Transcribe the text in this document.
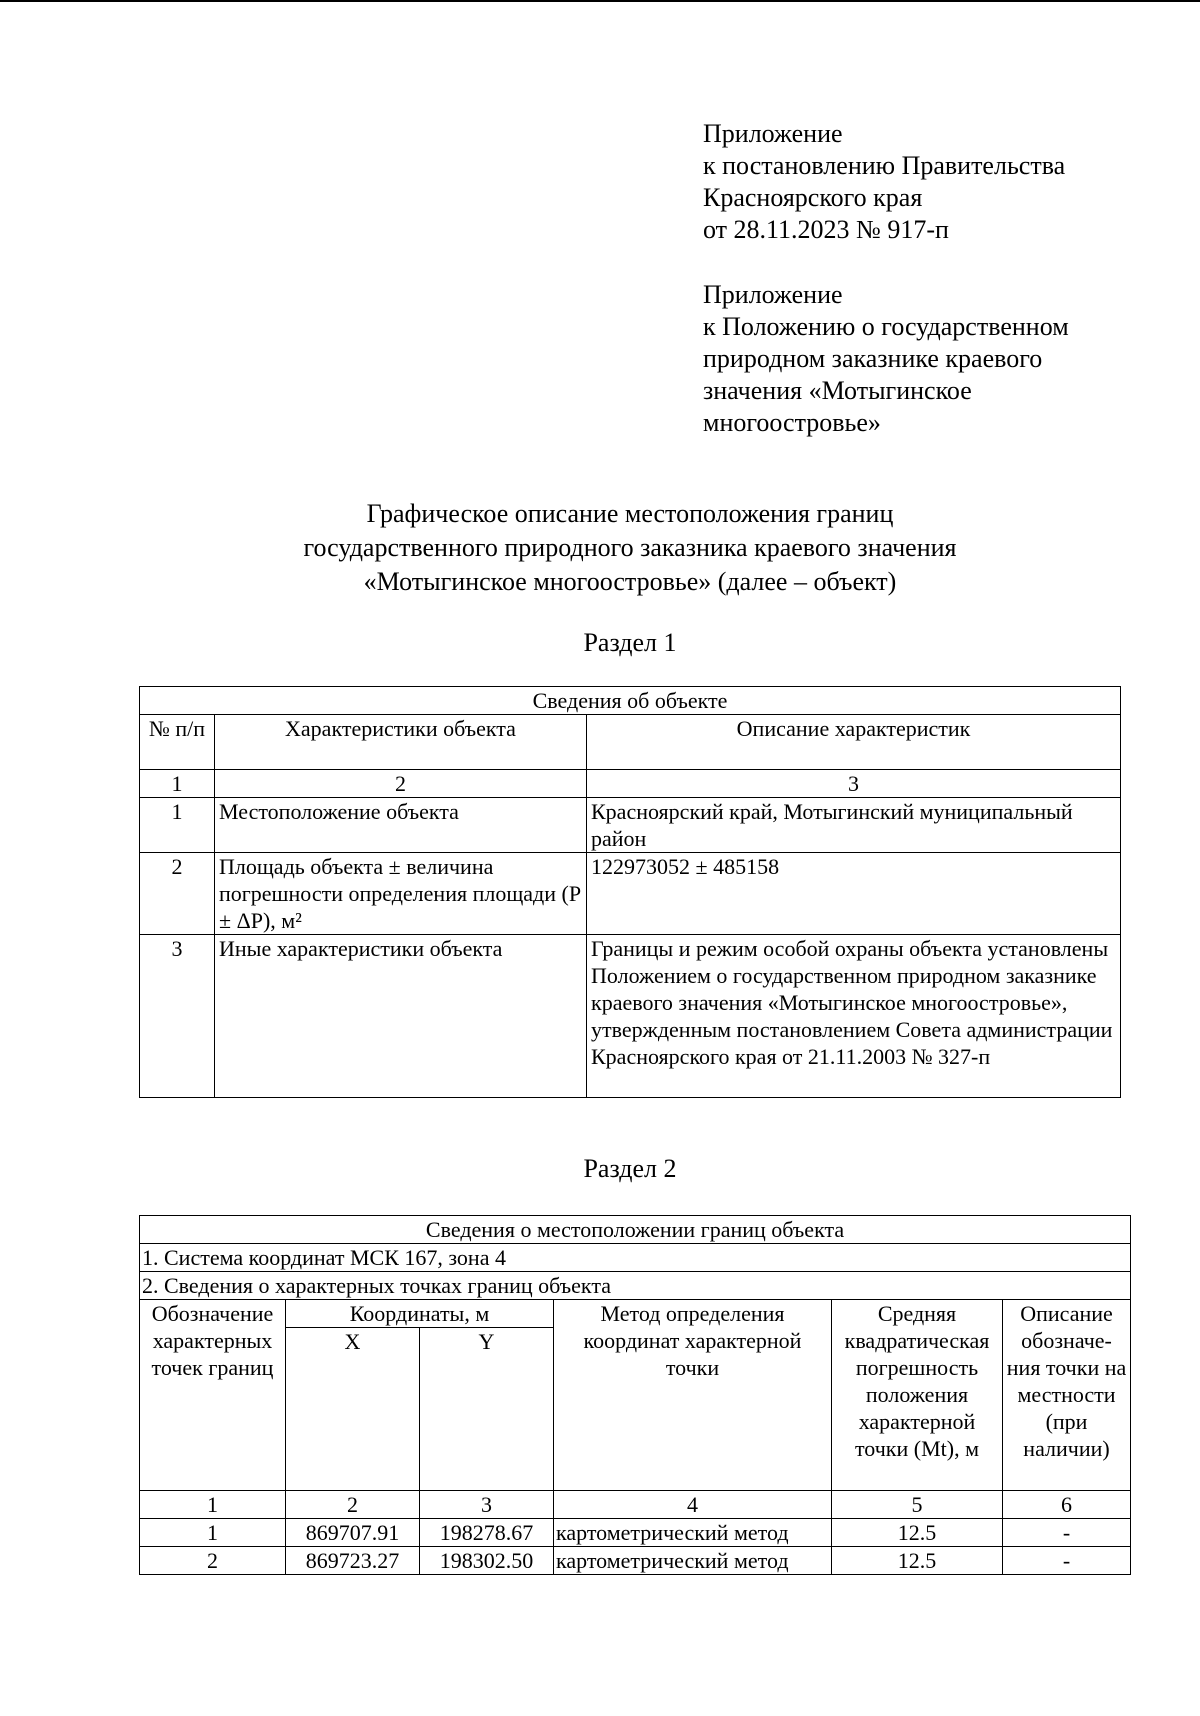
Приложение
к постановлению Правительства
Красноярского края
от 28.11.2023 № 917-п
Приложение
к Положению о государственном
природном заказнике краевого
значения «Мотыгинское
многоостровье»
Графическое описание местоположения границ
государственного природного заказника краевого значения
«Мотыгинское многоостровье» (далее – объект)
Раздел 1
Сведения об объекте		
№ п/п	Характеристики объекта	Описание характеристик
1	2	3
1	Местоположение объекта	Красноярский край, Мотыгинский муниципальный район
2	Площадь объекта ± величина погрешности определения площади (P ± ΔP), м²	122973052 ± 485158
3	Иные характеристики объекта	Границы и режим особой охраны объекта установлены Положением о государственном природном заказнике краевого значения «Мотыгинское многоостровье», утвержденным постановлением Совета администрации Красноярского края от 21.11.2003 № 327-п
Раздел 2
Сведения о местоположении границ объекта					
1. Система координат МСК 167, зона 4					
2. Сведения о характерных точках границ объекта					
Обозначение характерных точек границ	Координаты, м		Метод определения координат характерной точки	Средняя квадратическая погрешность положения характерной точки (Mt), м	Описание обозначе-ния точки на местности (при наличии)
	X	Y			
1	2	3	4	5	6
1	869707.91	198278.67	картометрический метод	12.5	-
2	869723.27	198302.50	картометрический метод	12.5	-
